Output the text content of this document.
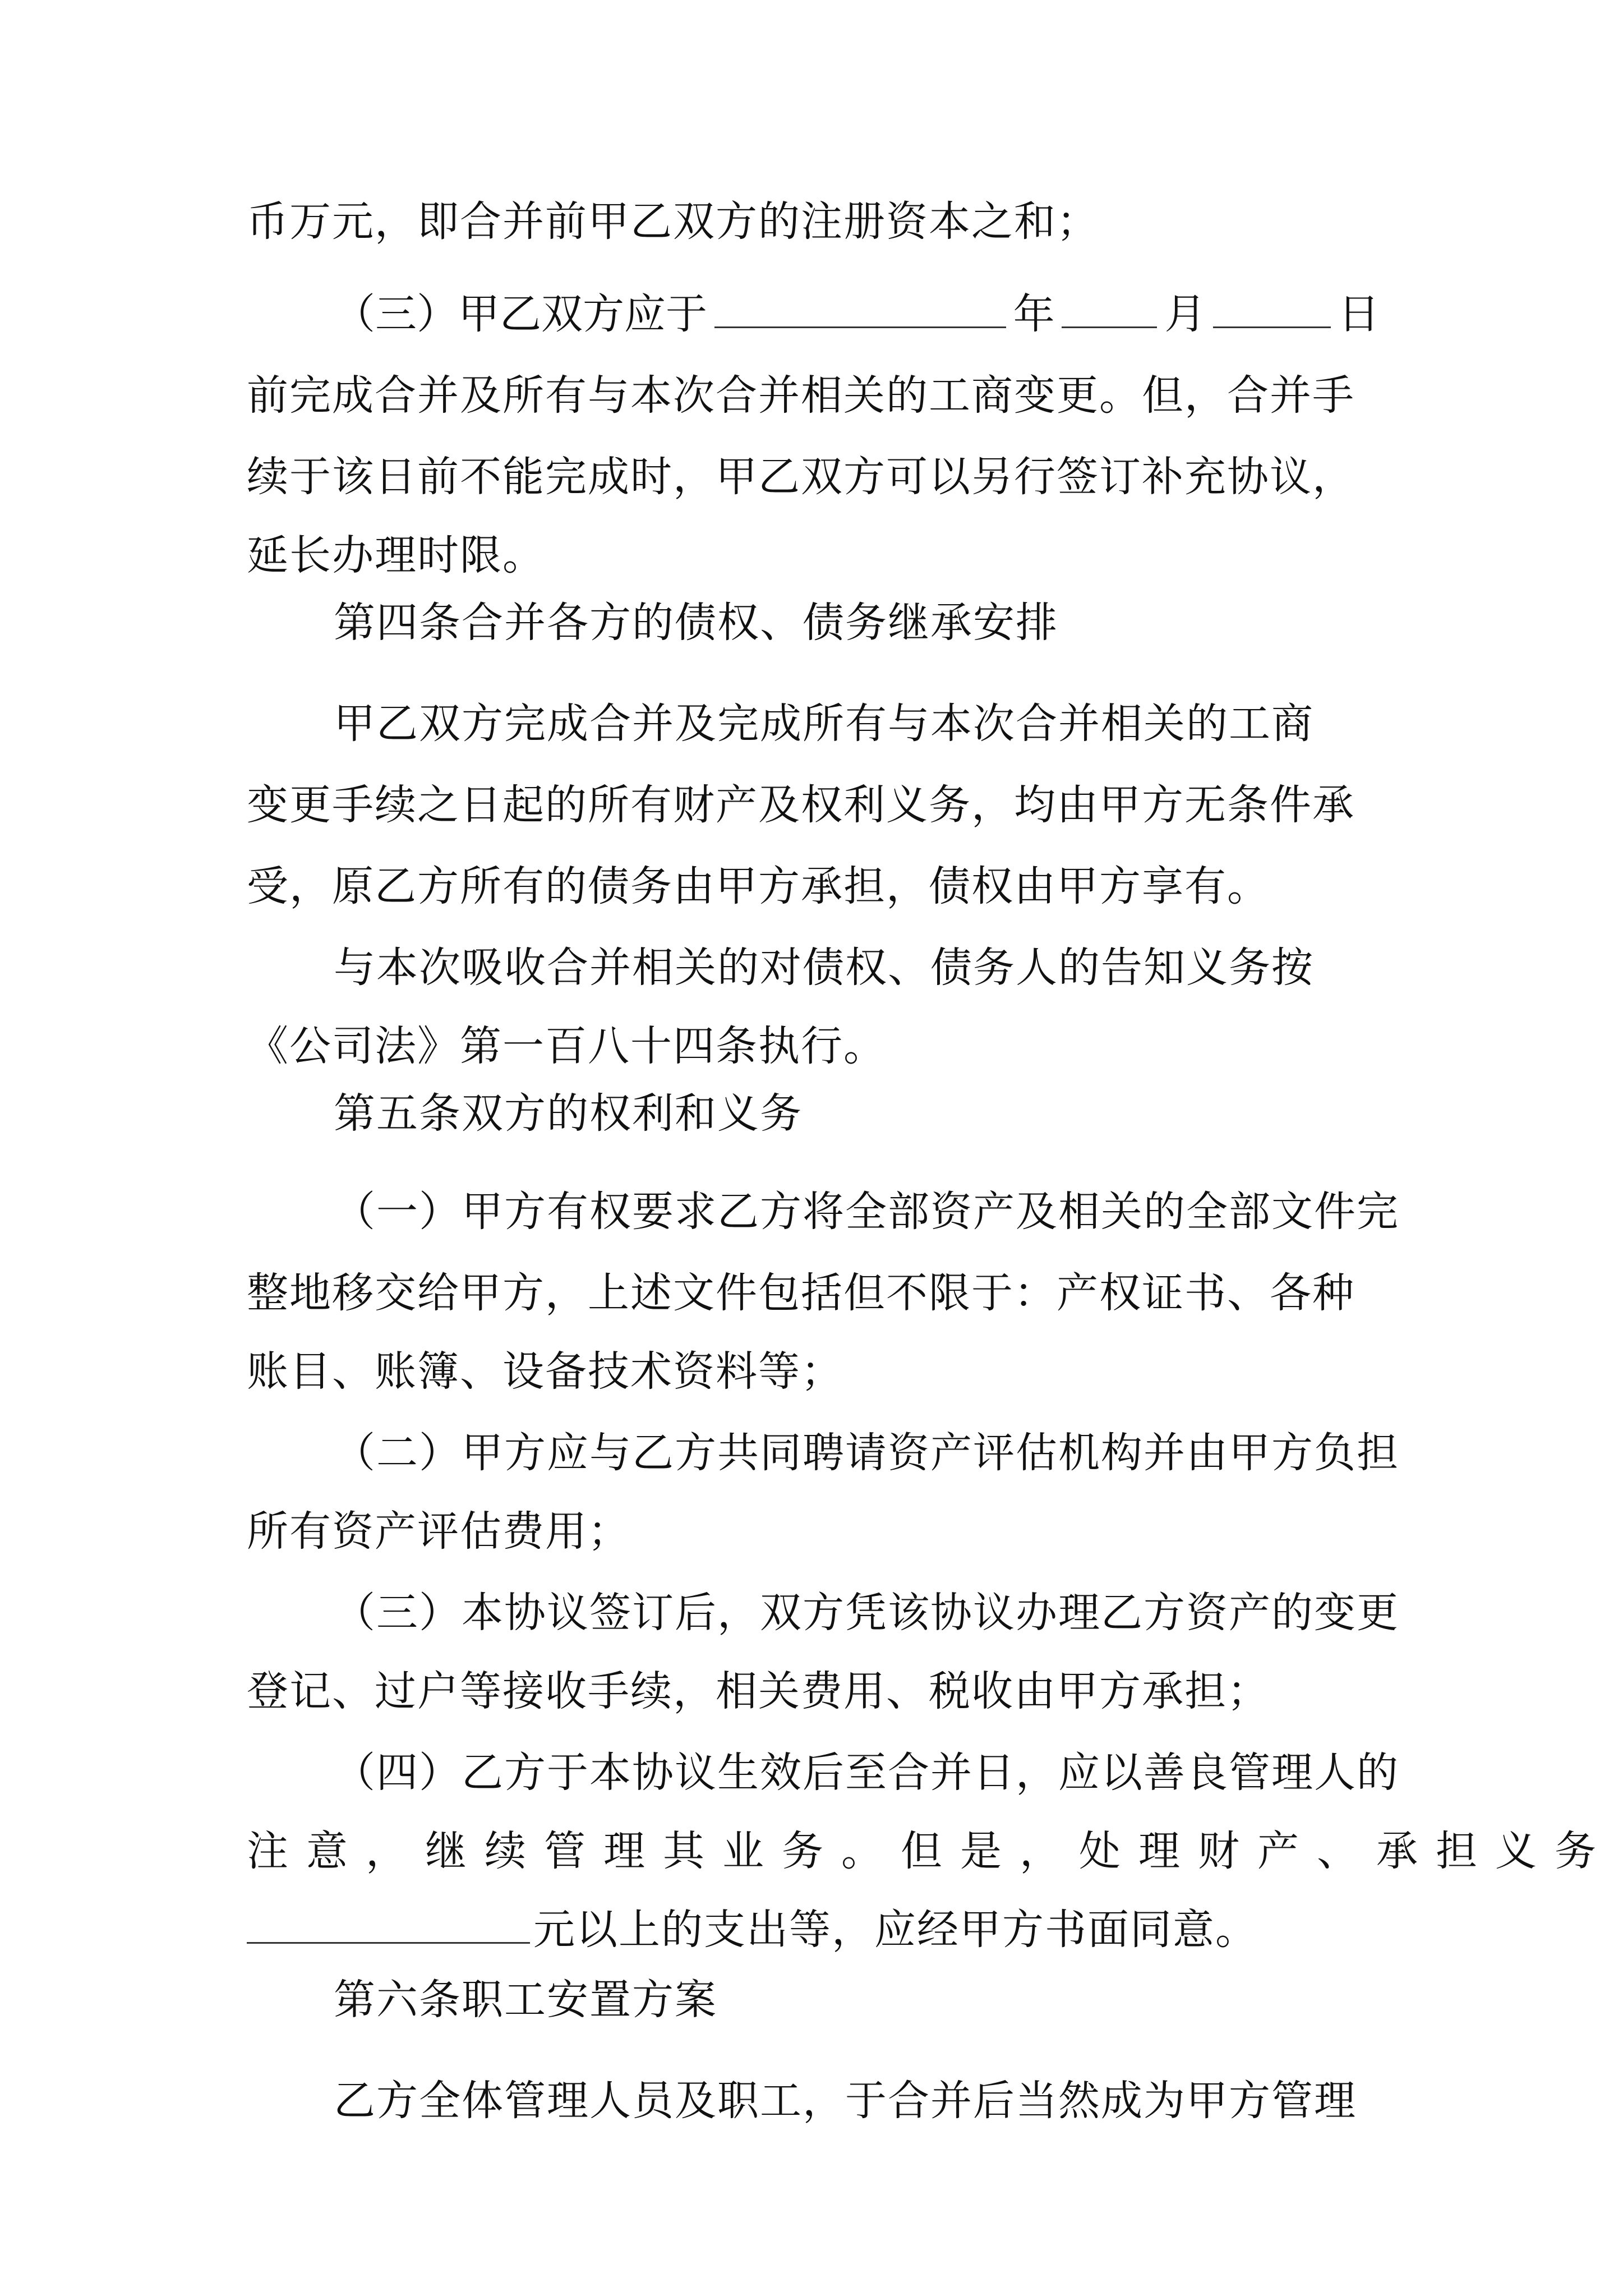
币万元，即合并前甲乙双方的注册资本之和；
（三）甲乙双方应于	年	月	日
前完成合并及所有与本次合并相关的工商变更。但，合并手
续于该日前不能完成时，甲乙双方可以另行签订补充协议，
延长办理时限。
第四条合并各方的债权、债务继承安排
甲乙双方完成合并及完成所有与本次合并相关的工商
变更手续之日起的所有财产及权利义务，均由甲方无条件承
受，原乙方所有的债务由甲方承担，债权由甲方享有。
与本次吸收合并相关的对债权、债务人的告知义务按
《公司法》第一百八十四条执行。
第五条双方的权利和义务
（一）甲方有权要求乙方将全部资产及相关的全部文件完
整地移交给甲方，上述文件包括但不限于：产权证书、各种
账目、账簿、设备技术资料等；
（二）甲方应与乙方共同聘请资产评估机构并由甲方负担
所有资产评估费用；
（三）本协议签订后，双方凭该协议办理乙方资产的变更
登记、过户等接收手续，相关费用、税收由甲方承担；
（四）乙方于本协议生效后至合并日，应以善良管理人的
注意，继续管理其业务。但是，处理财产、承担义务
元以上的支出等，应经甲方书面同意。
第六条职工安置方案
乙方全体管理人员及职工，于合并后当然成为甲方管理
